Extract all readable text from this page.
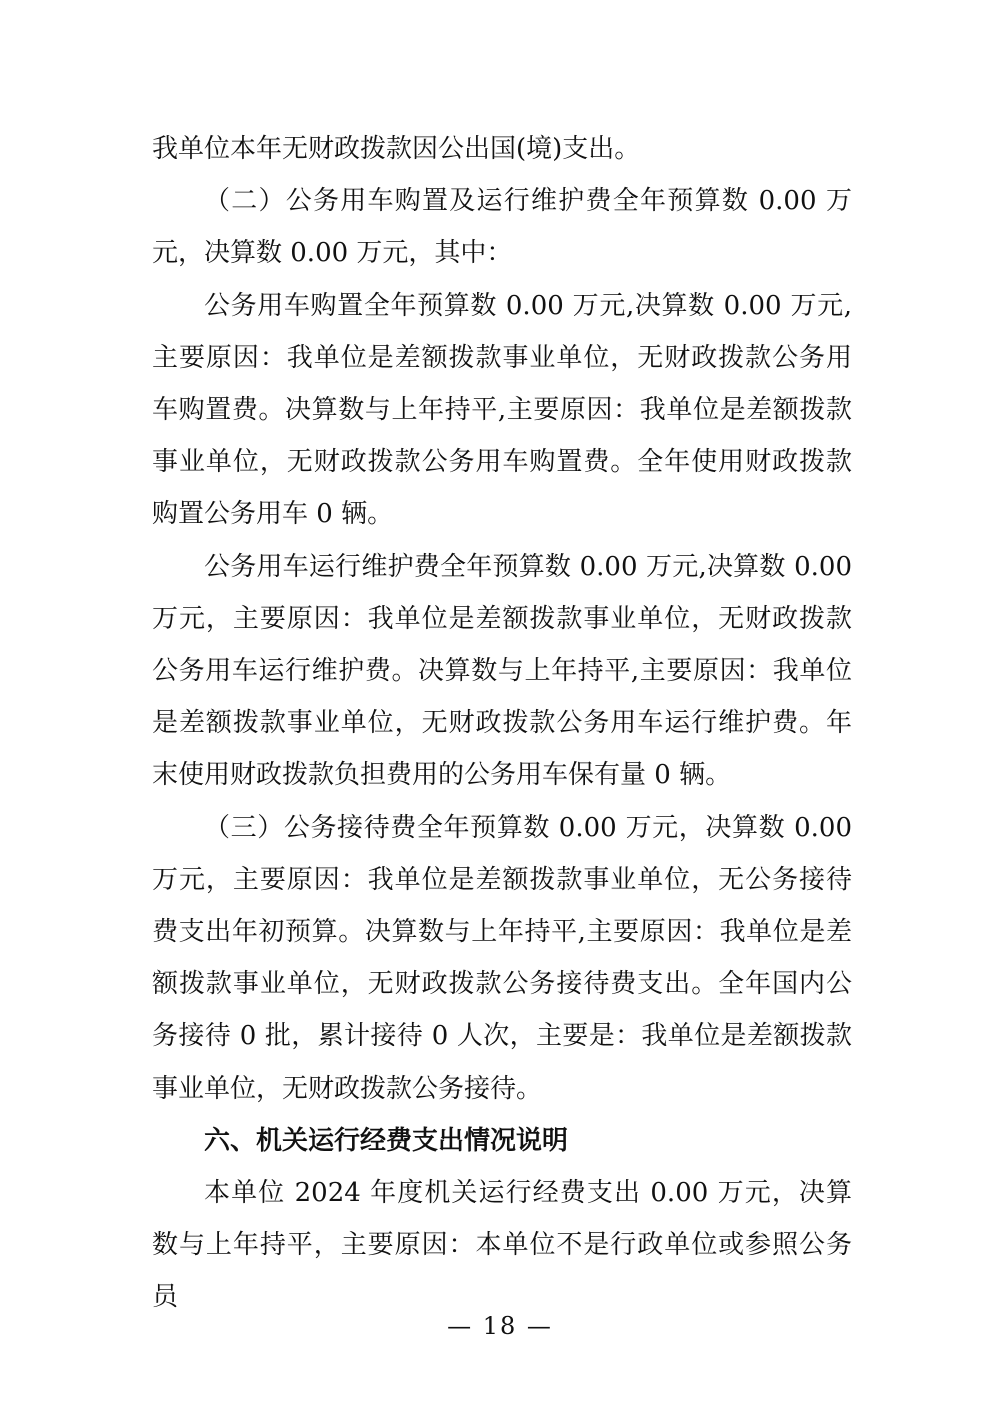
我单位本年无财政拨款因公出国(境)支出。

（二）公务用车购置及运行维护费全年预算数 0.00 万元，决算数 0.00 万元，其中：

公务用车购置全年预算数 0.00 万元,决算数 0.00 万元,主要原因：我单位是差额拨款事业单位，无财政拨款公务用车购置费。决算数与上年持平,主要原因：我单位是差额拨款事业单位，无财政拨款公务用车购置费。全年使用财政拨款购置公务用车 0 辆。

公务用车运行维护费全年预算数 0.00 万元,决算数 0.00 万元，主要原因：我单位是差额拨款事业单位，无财政拨款公务用车运行维护费。决算数与上年持平,主要原因：我单位是差额拨款事业单位，无财政拨款公务用车运行维护费。年末使用财政拨款负担费用的公务用车保有量 0 辆。

（三）公务接待费全年预算数 0.00 万元，决算数 0.00 万元，主要原因：我单位是差额拨款事业单位，无公务接待费支出年初预算。决算数与上年持平,主要原因：我单位是差额拨款事业单位，无财政拨款公务接待费支出。全年国内公务接待 0 批，累计接待 0 人次，主要是：我单位是差额拨款事业单位，无财政拨款公务接待。

六、机关运行经费支出情况说明

本单位 2024 年度机关运行经费支出 0.00 万元，决算数与上年持平，主要原因：本单位不是行政单位或参照公务员

— 18 —
